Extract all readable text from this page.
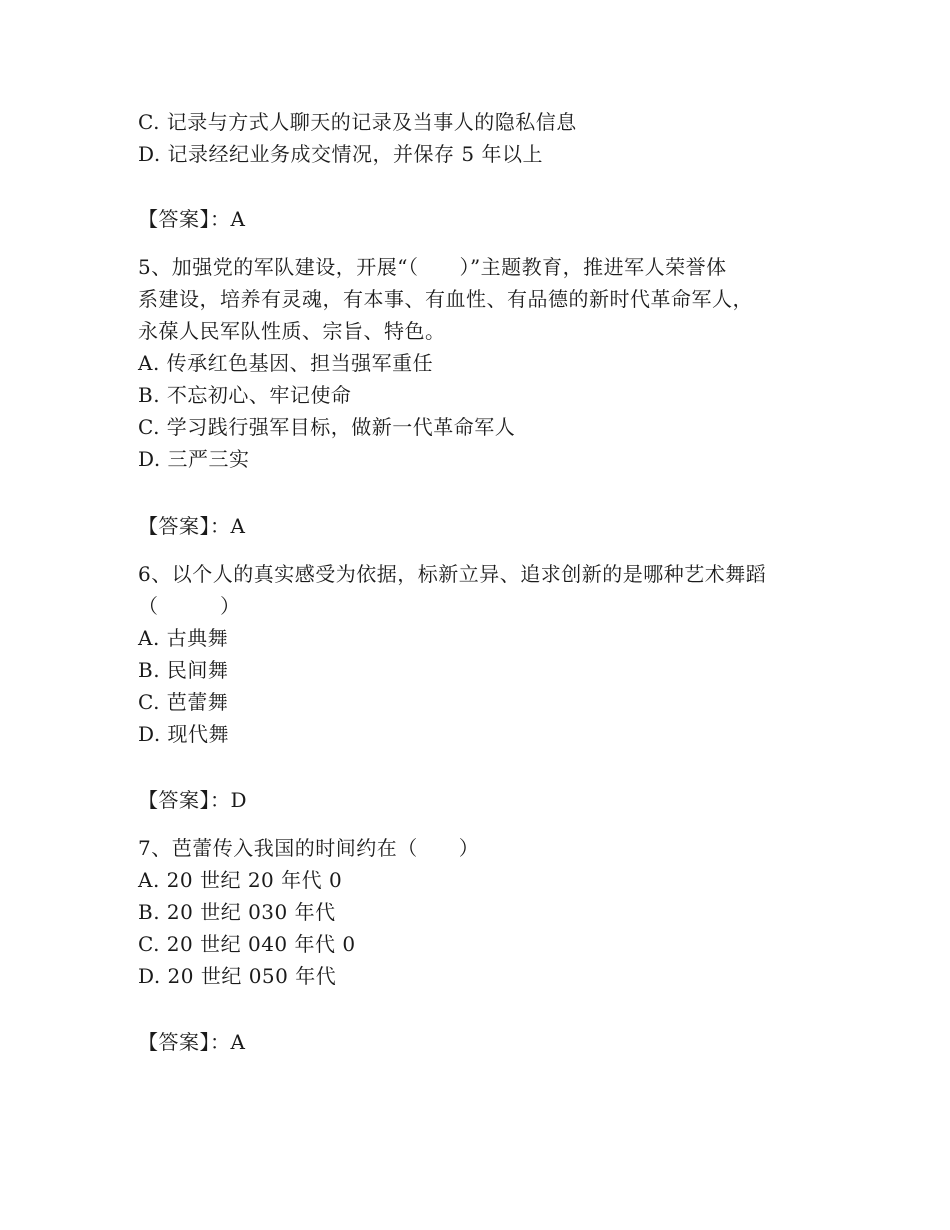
C. 记录与方式人聊天的记录及当事人的隐私信息
D. 记录经纪业务成交情况，并保存 5 年以上
【答案】：A
5、加强党的军队建设，开展“（　　）”主题教育，推进军人荣誉体
系建设，培养有灵魂，有本事、有血性、有品德的新时代革命军人，
永葆人民军队性质、宗旨、特色。
A. 传承红色基因、担当强军重任
B. 不忘初心、牢记使命
C. 学习践行强军目标，做新一代革命军人
D. 三严三实
【答案】：A
6、以个人的真实感受为依据，标新立异、追求创新的是哪种艺术舞蹈
（　　　）
A. 古典舞
B. 民间舞
C. 芭蕾舞
D. 现代舞
【答案】：D
7、芭蕾传入我国的时间约在（　　）
A. 20 世纪 20 年代 0
B. 20 世纪 030 年代
C. 20 世纪 040 年代 0
D. 20 世纪 050 年代
【答案】：A
